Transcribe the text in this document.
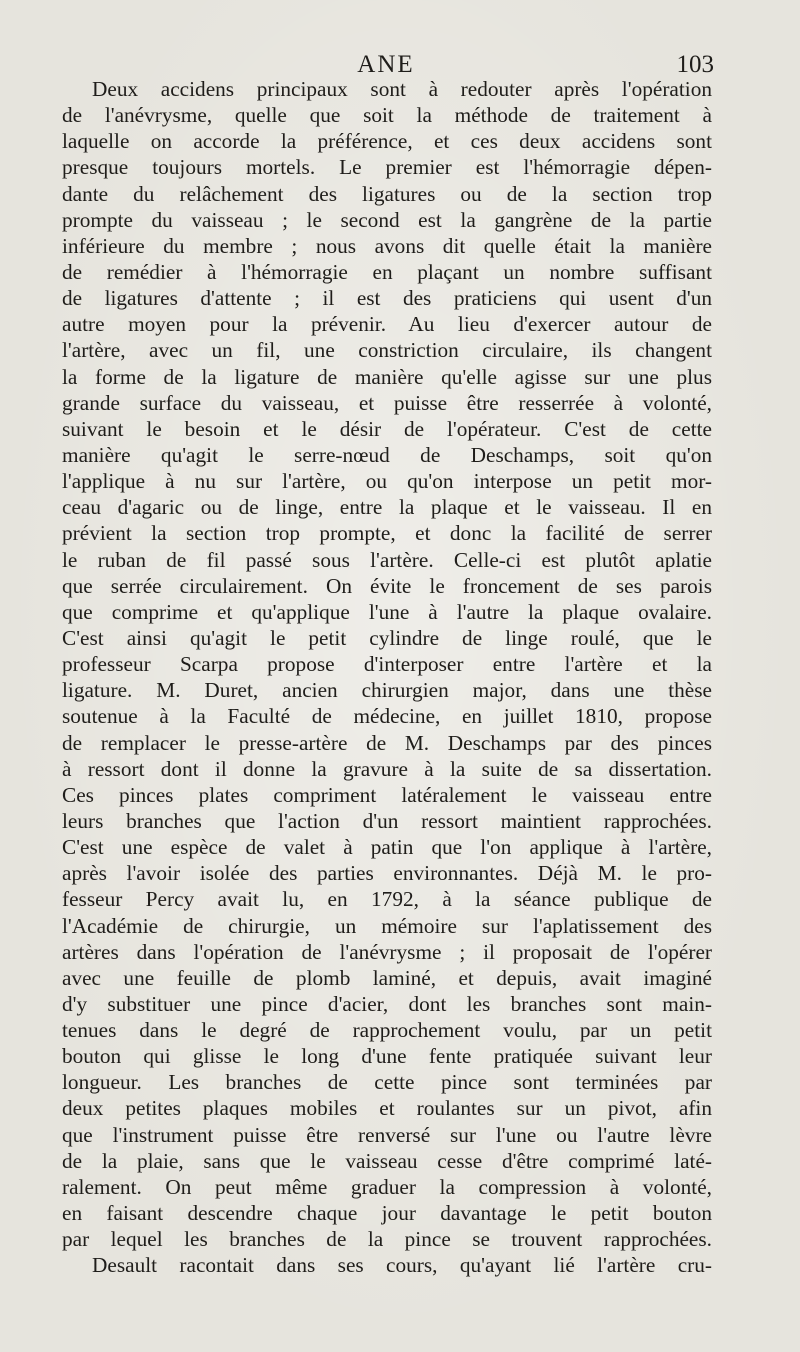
ANE	103
Deux accidens principaux sont à redouter après l'opération
de l'anévrysme, quelle que soit la méthode de traitement à
laquelle on accorde la préférence, et ces deux accidens sont
presque toujours mortels. Le premier est l'hémorragie dépen-
dante du relâchement des ligatures ou de la section trop
prompte du vaisseau ; le second est la gangrène de la partie
inférieure du membre ; nous avons dit quelle était la manière
de remédier à l'hémorragie en plaçant un nombre suffisant
de ligatures d'attente ; il est des praticiens qui usent d'un
autre moyen pour la prévenir. Au lieu d'exercer autour de
l'artère, avec un fil, une constriction circulaire, ils changent
la forme de la ligature de manière qu'elle agisse sur une plus
grande surface du vaisseau, et puisse être resserrée à volonté,
suivant le besoin et le désir de l'opérateur. C'est de cette
manière qu'agit le serre-nœud de Deschamps, soit qu'on
l'applique à nu sur l'artère, ou qu'on interpose un petit mor-
ceau d'agaric ou de linge, entre la plaque et le vaisseau. Il en
prévient la section trop prompte, et donc la facilité de serrer
le ruban de fil passé sous l'artère. Celle-ci est plutôt aplatie
que serrée circulairement. On évite le froncement de ses parois
que comprime et qu'applique l'une à l'autre la plaque ovalaire.
C'est ainsi qu'agit le petit cylindre de linge roulé, que le
professeur Scarpa propose d'interposer entre l'artère et la
ligature. M. Duret, ancien chirurgien major, dans une thèse
soutenue à la Faculté de médecine, en juillet 1810, propose
de remplacer le presse-artère de M. Deschamps par des pinces
à ressort dont il donne la gravure à la suite de sa dissertation.
Ces pinces plates compriment latéralement le vaisseau entre
leurs branches que l'action d'un ressort maintient rapprochées.
C'est une espèce de valet à patin que l'on applique à l'artère,
après l'avoir isolée des parties environnantes. Déjà M. le pro-
fesseur Percy avait lu, en 1792, à la séance publique de
l'Académie de chirurgie, un mémoire sur l'aplatissement des
artères dans l'opération de l'anévrysme ; il proposait de l'opérer
avec une feuille de plomb laminé, et depuis, avait imaginé
d'y substituer une pince d'acier, dont les branches sont main-
tenues dans le degré de rapprochement voulu, par un petit
bouton qui glisse le long d'une fente pratiquée suivant leur
longueur. Les branches de cette pince sont terminées par
deux petites plaques mobiles et roulantes sur un pivot, afin
que l'instrument puisse être renversé sur l'une ou l'autre lèvre
de la plaie, sans que le vaisseau cesse d'être comprimé laté-
ralement. On peut même graduer la compression à volonté,
en faisant descendre chaque jour davantage le petit bouton
par lequel les branches de la pince se trouvent rapprochées.
Desault racontait dans ses cours, qu'ayant lié l'artère cru-
